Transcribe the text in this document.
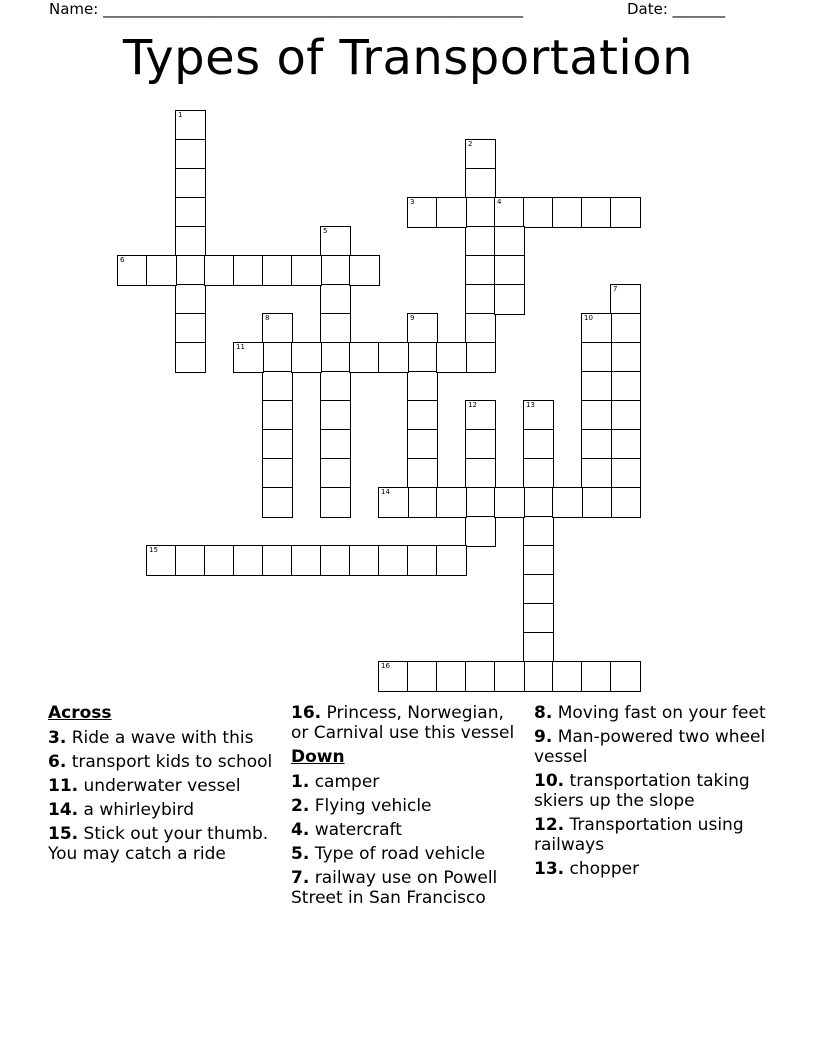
Name: ________________________________________________________	Date: _______
Types of Transportation
1
2
3	4
5
6
7
8	9	10
11
12	13
14
15
16
Across
3. Ride a wave with this
6. transport kids to school
11. underwater vessel
14. a whirleybird
15. Stick out your thumb. You may catch a ride
16. Princess, Norwegian, or Carnival use this vessel
Down
1. camper
2. Flying vehicle
4. watercraft
5. Type of road vehicle
7. railway use on Powell Street in San Francisco
8. Moving fast on your feet
9. Man-powered two wheel vessel
10. transportation taking skiers up the slope
12. Transportation using railways
13. chopper
